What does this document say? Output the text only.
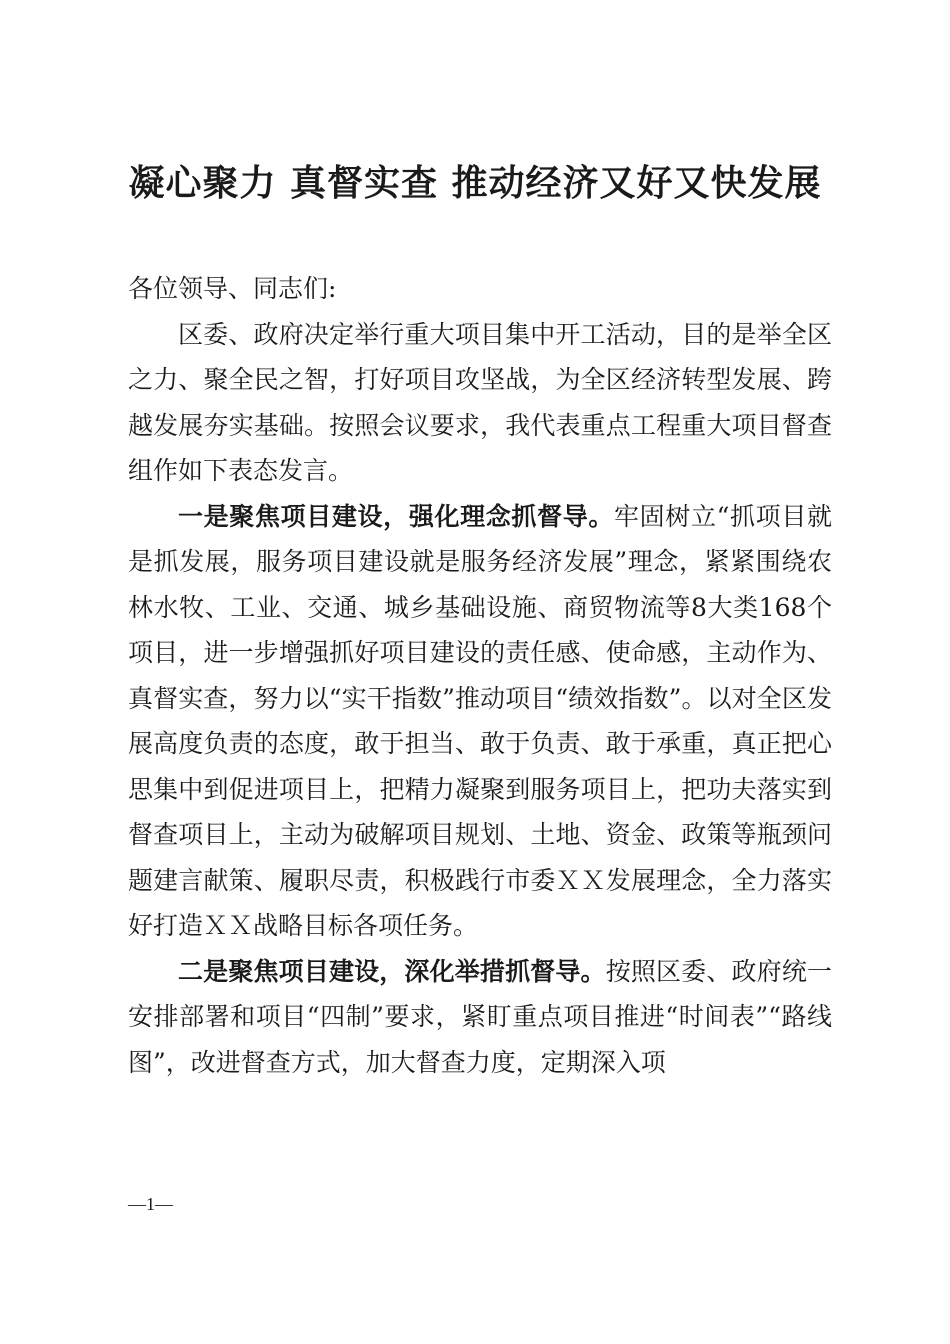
凝心聚力 真督实查 推动经济又好又快发展

各位领导、同志们:

区委、政府决定举行重大项目集中开工活动，目的是举全区之力、聚全民之智，打好项目攻坚战，为全区经济转型发展、跨越发展夯实基础。按照会议要求，我代表重点工程重大项目督查组作如下表态发言。

一是聚焦项目建设，强化理念抓督导。牢固树立“抓项目就是抓发展，服务项目建设就是服务经济发展”理念，紧紧围绕农林水牧、工业、交通、城乡基础设施、商贸物流等8大类168个项目，进一步增强抓好项目建设的责任感、使命感，主动作为、真督实查，努力以“实干指数”推动项目“绩效指数”。以对全区发展高度负责的态度，敢于担当、敢于负责、敢于承重，真正把心思集中到促进项目上，把精力凝聚到服务项目上，把功夫落实到督查项目上，主动为破解项目规划、土地、资金、政策等瓶颈问题建言献策、履职尽责，积极践行市委ＸＸ发展理念，全力落实好打造ＸＸ战略目标各项任务。

二是聚焦项目建设，深化举措抓督导。按照区委、政府统一安排部署和项目“四制”要求，紧盯重点项目推进“时间表”“路线图”，改进督查方式，加大督查力度，定期深入项

—1—
